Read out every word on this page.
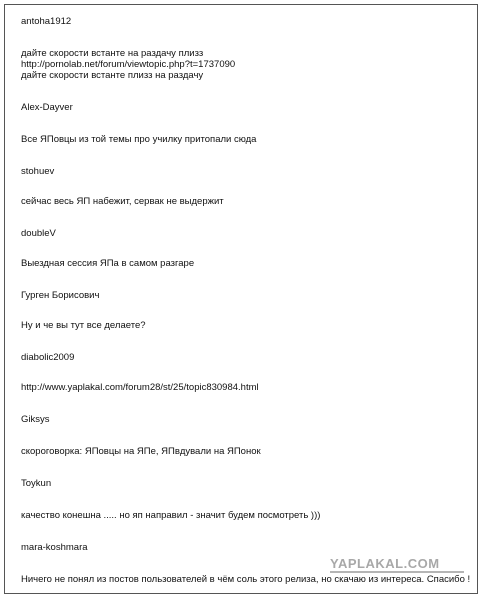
antoha1912
дайте скорости встанте на раздачу плизз
http://pornolab.net/forum/viewtopic.php?t=1737090
дайте скорости встанте плизз на раздачу
Alex-Dayver
Все ЯПовцы из той темы про училку притопали сюда
stohuev
сейчас весь ЯП набежит, сервак не выдержит
doubleV
Выездная сессия ЯПа в самом разгаре
Гурген Борисович
Ну и че вы тут все делаете?
diabolic2009
http://www.yaplakal.com/forum28/st/25/topic830984.html
Giksys
скороговорка: ЯПовцы на ЯПе, ЯПвдували на ЯПонок
Toykun
качество конешна ..... но яп направил - значит будем посмотреть )))
mara-koshmara
Ничего не понял из постов пользователей в чём соль этого релиза, но скачаю из интереса. Спасибо !
YAPLAKAL.COM
